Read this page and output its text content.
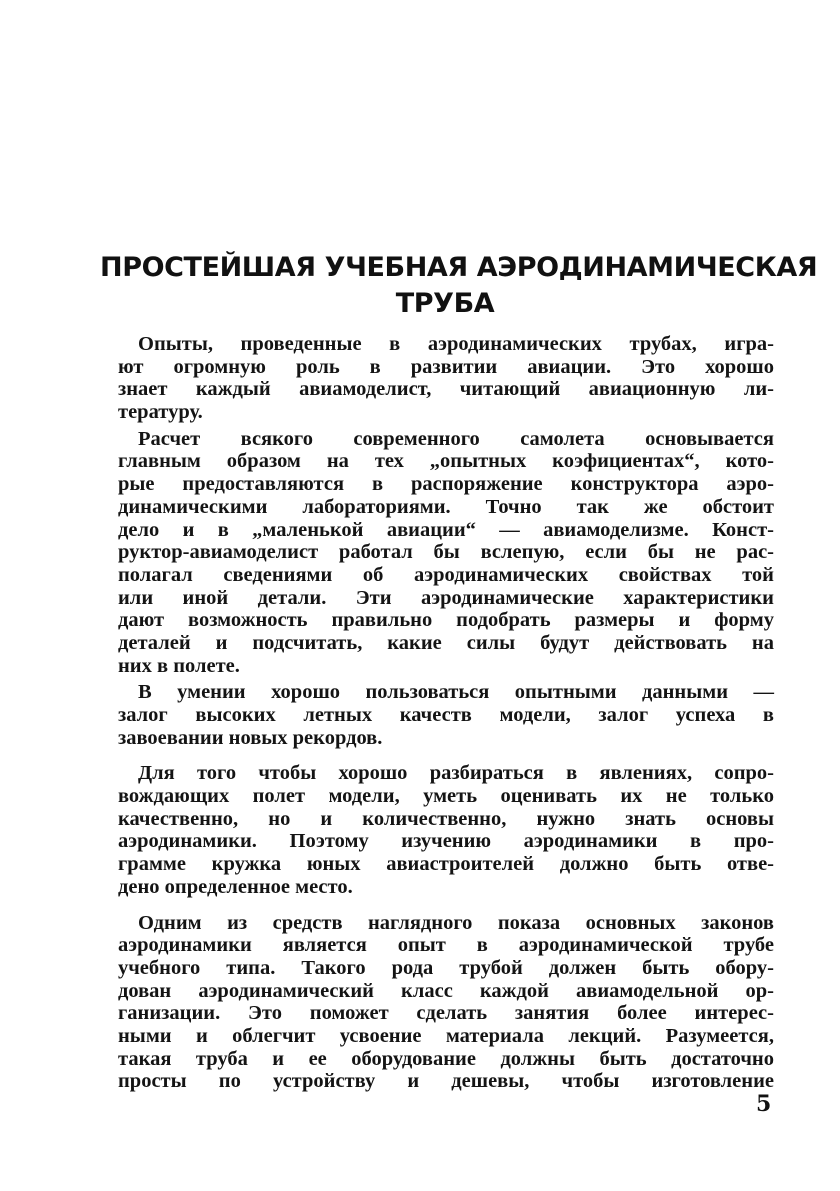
ПРОСТЕЙШАЯ УЧЕБНАЯ АЭРОДИНАМИЧЕСКАЯ
ТРУБА

Опыты, проведенные в аэродинамических трубах, игра-
ют огромную роль в развитии авиации. Это хорошо
знает каждый авиамоделист, читающий авиационную ли-
тературу.

Расчет всякого современного самолета основывается
главным образом на тех „опытных коэфициентах“, кото-
рые предоставляются в распоряжение конструктора аэро-
динамическими лабораториями. Точно так же обстоит
дело и в „маленькой авиации“ — авиамоделизме. Конст-
руктор-авиамоделист работал бы вслепую, если бы не рас-
полагал сведениями об аэродинамических свойствах той
или иной детали. Эти аэродинамические характеристики
дают возможность правильно подобрать размеры и форму
деталей и подсчитать, какие силы будут действовать на
них в полете.

В умении хорошо пользоваться опытными данными —
залог высоких летных качеств модели, залог успеха в
завоевании новых рекордов.

Для того чтобы хорошо разбираться в явлениях, сопро-
вождающих полет модели, уметь оценивать их не только
качественно, но и количественно, нужно знать основы
аэродинамики. Поэтому изучению аэродинамики в про-
грамме кружка юных авиастроителей должно быть отве-
дено определенное место.

Одним из средств наглядного показа основных законов
аэродинамики является опыт в аэродинамической трубе
учебного типа. Такого рода трубой должен быть обору-
дован аэродинамический класс каждой авиамодельной ор-
ганизации. Это поможет сделать занятия более интерес-
ными и облегчит усвоение материала лекций. Разумеется,
такая труба и ее оборудование должны быть достаточно
просты по устройству и дешевы, чтобы изготовление

5
